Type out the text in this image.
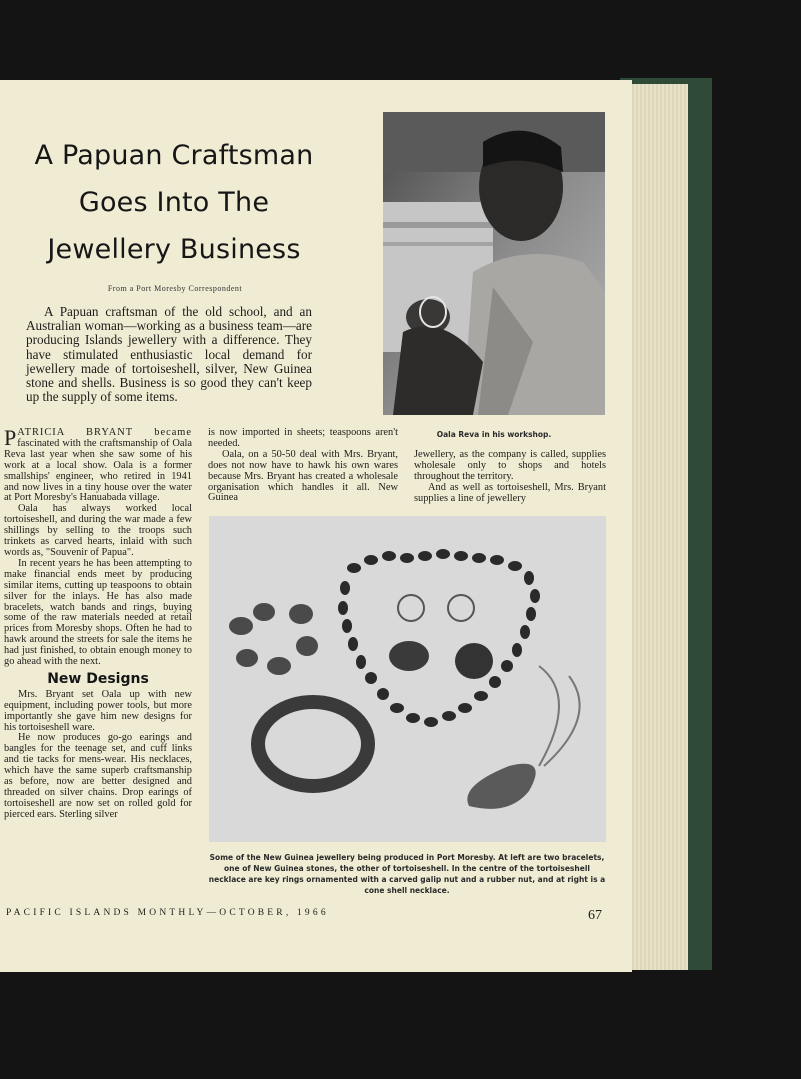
A Papuan Craftsman
Goes Into The
Jewellery Business
From a Port Moresby Correspondent
A Papuan craftsman of the old school, and an Australian woman—working as a business team—are producing Islands jewellery with a difference. They have stimulated enthusiastic local demand for jewellery made of tortoiseshell, silver, New Guinea stone and shells. Business is so good they can't keep up the supply of some items.
Oala Reva in his workshop.

PATRICIA BRYANT became fascinated with the craftsmanship of Oala Reva last year when she saw some of his work at a local show. Oala is a former smallships' engineer, who retired in 1941 and now lives in a tiny house over the water at Port Moresby's Hanuabada village.

Oala has always worked local tortoiseshell, and during the war made a few shillings by selling to the troops such trinkets as carved hearts, inlaid with such words as, "Souvenir of Papua".

In recent years he has been attempting to make financial ends meet by producing similar items, cutting up teaspoons to obtain silver for the inlays. He has also made bracelets, watch bands and rings, buying some of the raw materials needed at retail prices from Moresby shops. Often he had to hawk around the streets for sale the items he had just finished, to obtain enough money to go ahead with the next.

New Designs

Mrs. Bryant set Oala up with new equipment, including power tools, but more importantly she gave him new designs for his tortoiseshell ware.

He now produces go-go earings and bangles for the teenage set, and cuff links and tie tacks for mens-wear. His necklaces, which have the same superb craftsmanship as before, now are better designed and threaded on silver chains. Drop earings of tortoiseshell are now set on rolled gold for pierced ears. Sterling silver

is now imported in sheets; teaspoons aren't needed.

Oala, on a 50-50 deal with Mrs. Bryant, does not now have to hawk his own wares because Mrs. Bryant has created a wholesale organisation which handles it all. New Guinea

Jewellery, as the company is called, supplies wholesale only to shops and hotels throughout the territory.

And as well as tortoiseshell, Mrs. Bryant supplies a line of jewellery

Some of the New Guinea jewellery being produced in Port Moresby. At left are two bracelets, one of New Guinea stones, the other of tortoiseshell. In the centre of the tortoiseshell necklace are key rings ornamented with a carved galip nut and a rubber nut, and at right is a cone shell necklace.
PACIFIC ISLANDS MONTHLY—OCTOBER, 1966	67
